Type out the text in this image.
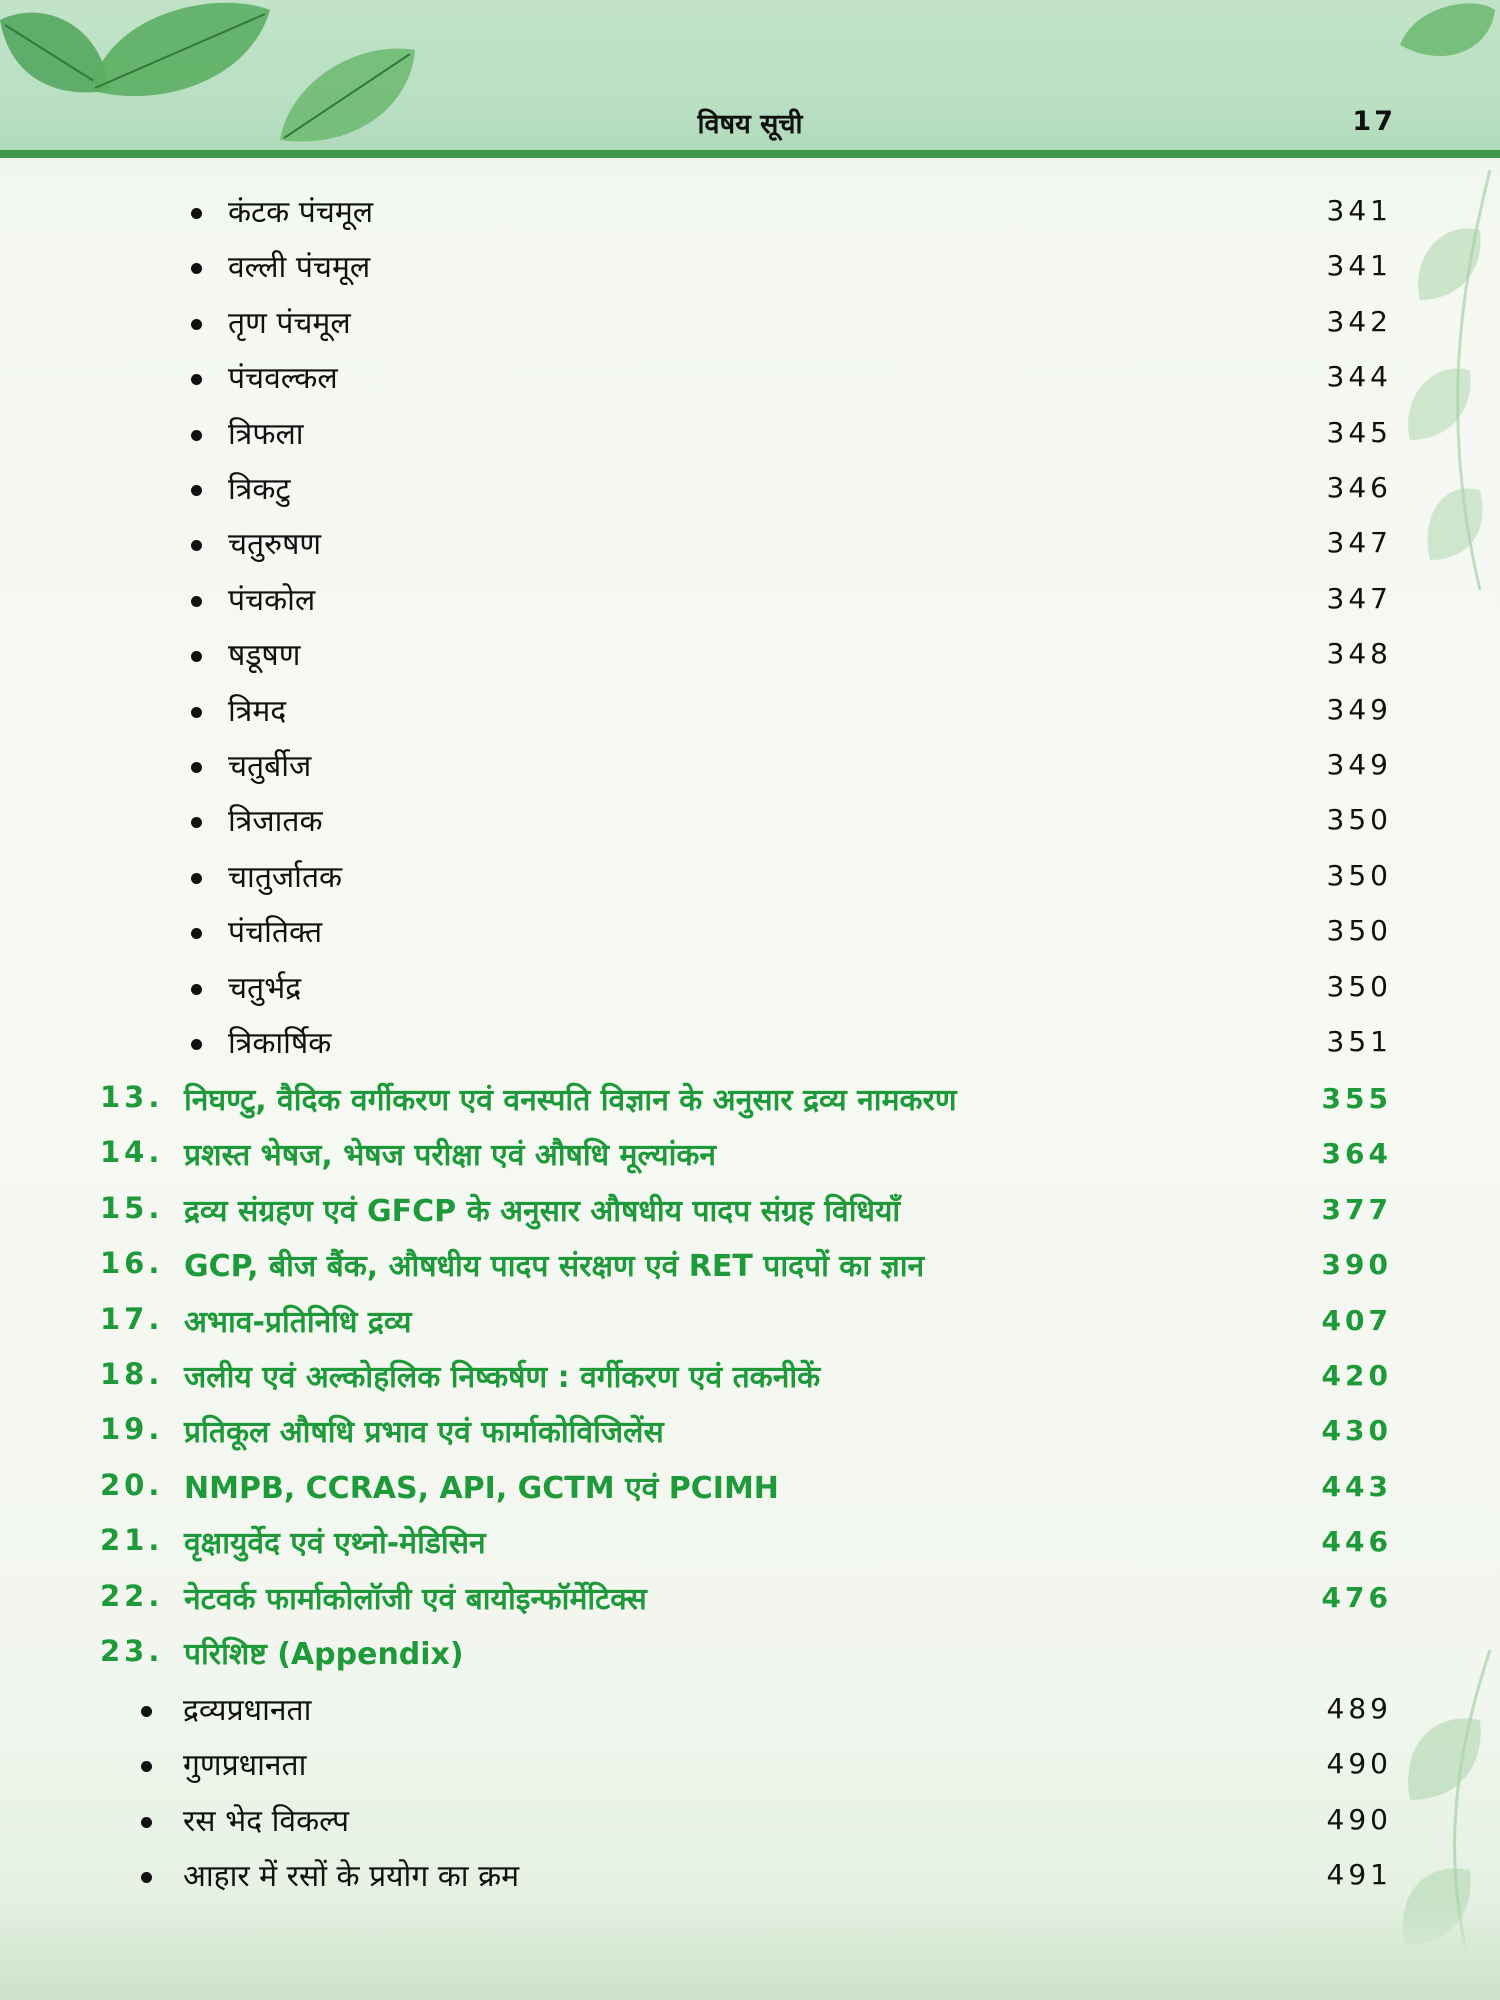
विषय सूची	17

कंटक पंचमूल	341
वल्ली पंचमूल	341
तृण पंचमूल	342
पंचवल्कल	344
त्रिफला	345
त्रिकटु	346
चतुरुषण	347
पंचकोल	347
षडूषण	348
त्रिमद	349
चतुर्बीज	349
त्रिजातक	350
चातुर्जातक	350
पंचतिक्त	350
चतुर्भद्र	350
त्रिकार्षिक	351
13. निघण्टु, वैदिक वर्गीकरण एवं वनस्पति विज्ञान के अनुसार द्रव्य नामकरण	355
14. प्रशस्त भेषज, भेषज परीक्षा एवं औषधि मूल्यांकन	364
15. द्रव्य संग्रहण एवं GFCP के अनुसार औषधीय पादप संग्रह विधियाँ	377
16. GCP, बीज बैंक, औषधीय पादप संरक्षण एवं RET पादपों का ज्ञान	390
17. अभाव-प्रतिनिधि द्रव्य	407
18. जलीय एवं अल्कोहलिक निष्कर्षण : वर्गीकरण एवं तकनीकें	420
19. प्रतिकूल औषधि प्रभाव एवं फार्माकोविजिलेंस	430
20. NMPB, CCRAS, API, GCTM एवं PCIMH	443
21. वृक्षायुर्वेद एवं एथ्नो-मेडिसिन	446
22. नेटवर्क फार्माकोलॉजी एवं बायोइन्फॉर्मेटिक्स	476
23. परिशिष्ट (Appendix)
द्रव्यप्रधानता	489
गुणप्रधानता	490
रस भेद विकल्प	490
आहार में रसों के प्रयोग का क्रम	491
